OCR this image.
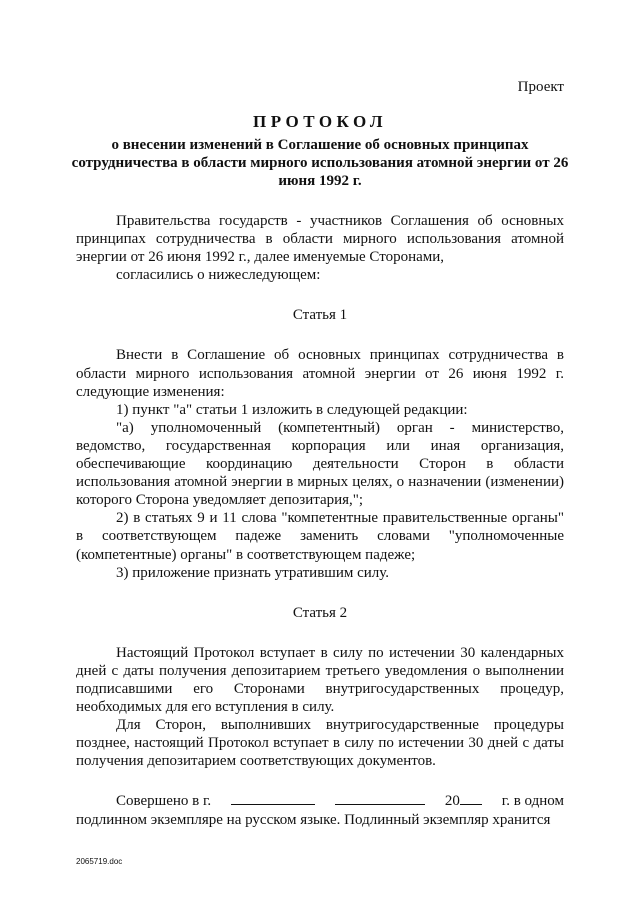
Проект
ПРОТОКОЛ
о внесении изменений в Соглашение об основных принципах сотрудничества в области мирного использования атомной энергии от 26 июня 1992 г.

Правительства государств - участников Соглашения об основных принципах сотрудничества в области мирного использования атомной энергии от 26 июня 1992 г., далее именуемые Сторонами,

согласились о нижеследующем:

Статья 1

Внести в Соглашение об основных принципах сотрудничества в области мирного использования атомной энергии от 26 июня 1992 г. следующие изменения:

1) пункт "а" статьи 1 изложить в следующей редакции:

"а) уполномоченный (компетентный) орган - министерство, ведомство, государственная корпорация или иная организация, обеспечивающие координацию деятельности Сторон в области использования атомной энергии в мирных целях, о назначении (изменении) которого Сторона уведомляет депозитария,";

2) в статьях 9 и 11 слова "компетентные правительственные органы" в соответствующем падеже заменить словами "уполномоченные (компетентные) органы" в соответствующем падеже;

3) приложение признать утратившим силу.

Статья 2

Настоящий Протокол вступает в силу по истечении 30 календарных дней с даты получения депозитарием третьего уведомления о выполнении подписавшими его Сторонами внутригосударственных процедур, необходимых для его вступления в силу.

Для Сторон, выполнивших внутригосударственные процедуры позднее, настоящий Протокол вступает в силу по истечении 30 дней с даты получения депозитарием соответствующих документов.

Совершено в г.	20	г. в одном

подлинном экземпляре на русском языке. Подлинный экземпляр хранится

2065719.doc
